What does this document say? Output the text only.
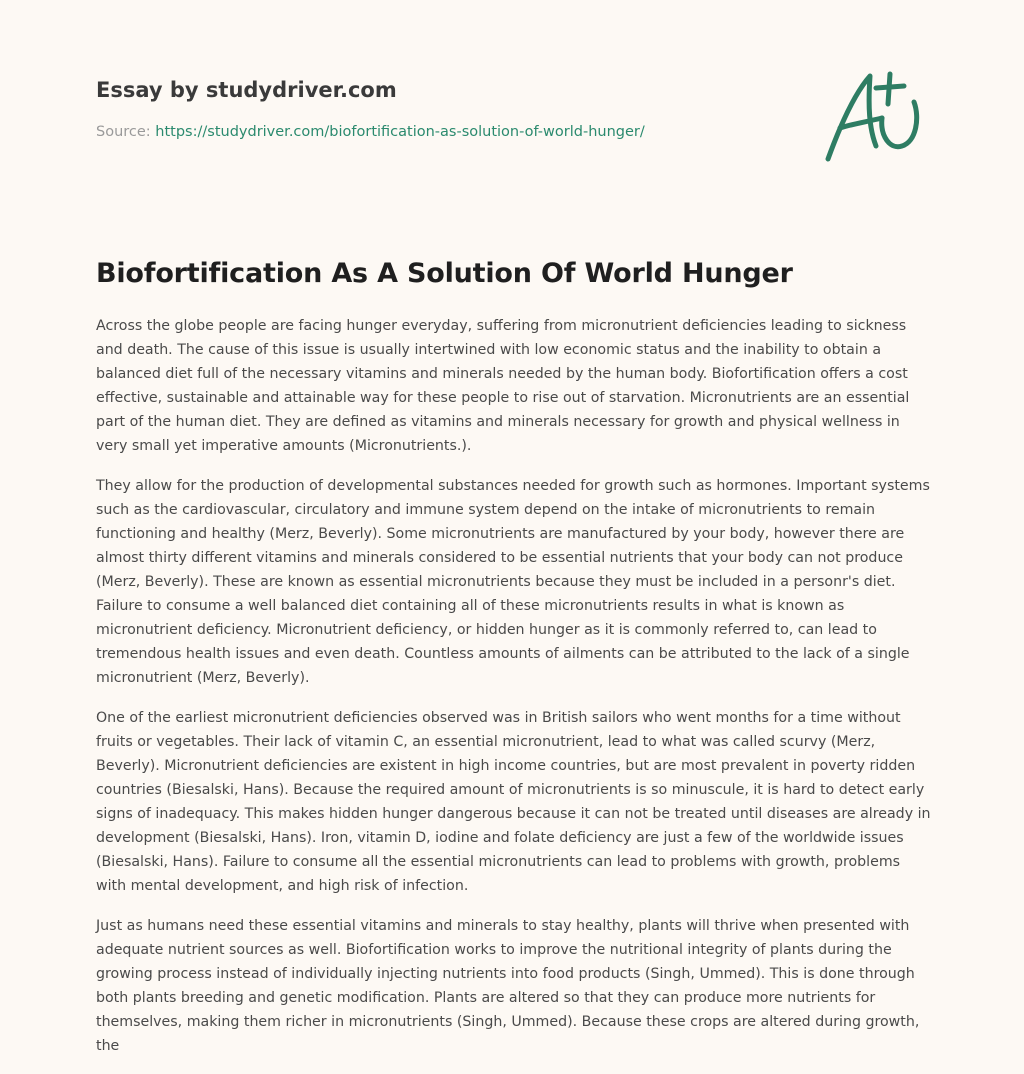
Essay by studydriver.com
Source: https://studydriver.com/biofortification-as-solution-of-world-hunger/
Biofortification As A Solution Of World Hunger

Across the globe people are facing hunger everyday, suffering from micronutrient deficiencies leading to sickness and death. The cause of this issue is usually intertwined with low economic status and the inability to obtain a balanced diet full of the necessary vitamins and minerals needed by the human body. Biofortification offers a cost effective, sustainable and attainable way for these people to rise out of starvation. Micronutrients are an essential part of the human diet. They are defined as vitamins and minerals necessary for growth and physical wellness in very small yet imperative amounts (Micronutrients.).

They allow for the production of developmental substances needed for growth such as hormones. Important systems such as the cardiovascular, circulatory and immune system depend on the intake of micronutrients to remain functioning and healthy (Merz, Beverly). Some micronutrients are manufactured by your body, however there are almost thirty different vitamins and minerals considered to be essential nutrients that your body can not produce (Merz, Beverly). These are known as essential micronutrients because they must be included in a personr's diet. Failure to consume a well balanced diet containing all of these micronutrients results in what is known as micronutrient deficiency. Micronutrient deficiency, or hidden hunger as it is commonly referred to, can lead to tremendous health issues and even death. Countless amounts of ailments can be attributed to the lack of a single micronutrient (Merz, Beverly).

One of the earliest micronutrient deficiencies observed was in British sailors who went months for a time without fruits or vegetables. Their lack of vitamin C, an essential micronutrient, lead to what was called scurvy (Merz, Beverly). Micronutrient deficiencies are existent in high income countries, but are most prevalent in poverty ridden countries (Biesalski, Hans). Because the required amount of micronutrients is so minuscule, it is hard to detect early signs of inadequacy. This makes hidden hunger dangerous because it can not be treated until diseases are already in development (Biesalski, Hans). Iron, vitamin D, iodine and folate deficiency are just a few of the worldwide issues (Biesalski, Hans). Failure to consume all the essential micronutrients can lead to problems with growth, problems with mental development, and high risk of infection.

Just as humans need these essential vitamins and minerals to stay healthy, plants will thrive when presented with adequate nutrient sources as well. Biofortification works to improve the nutritional integrity of plants during the growing process instead of individually injecting nutrients into food products (Singh, Ummed). This is done through both plants breeding and genetic modification. Plants are altered so that they can produce more nutrients for themselves, making them richer in micronutrients (Singh, Ummed). Because these crops are altered during growth, the
